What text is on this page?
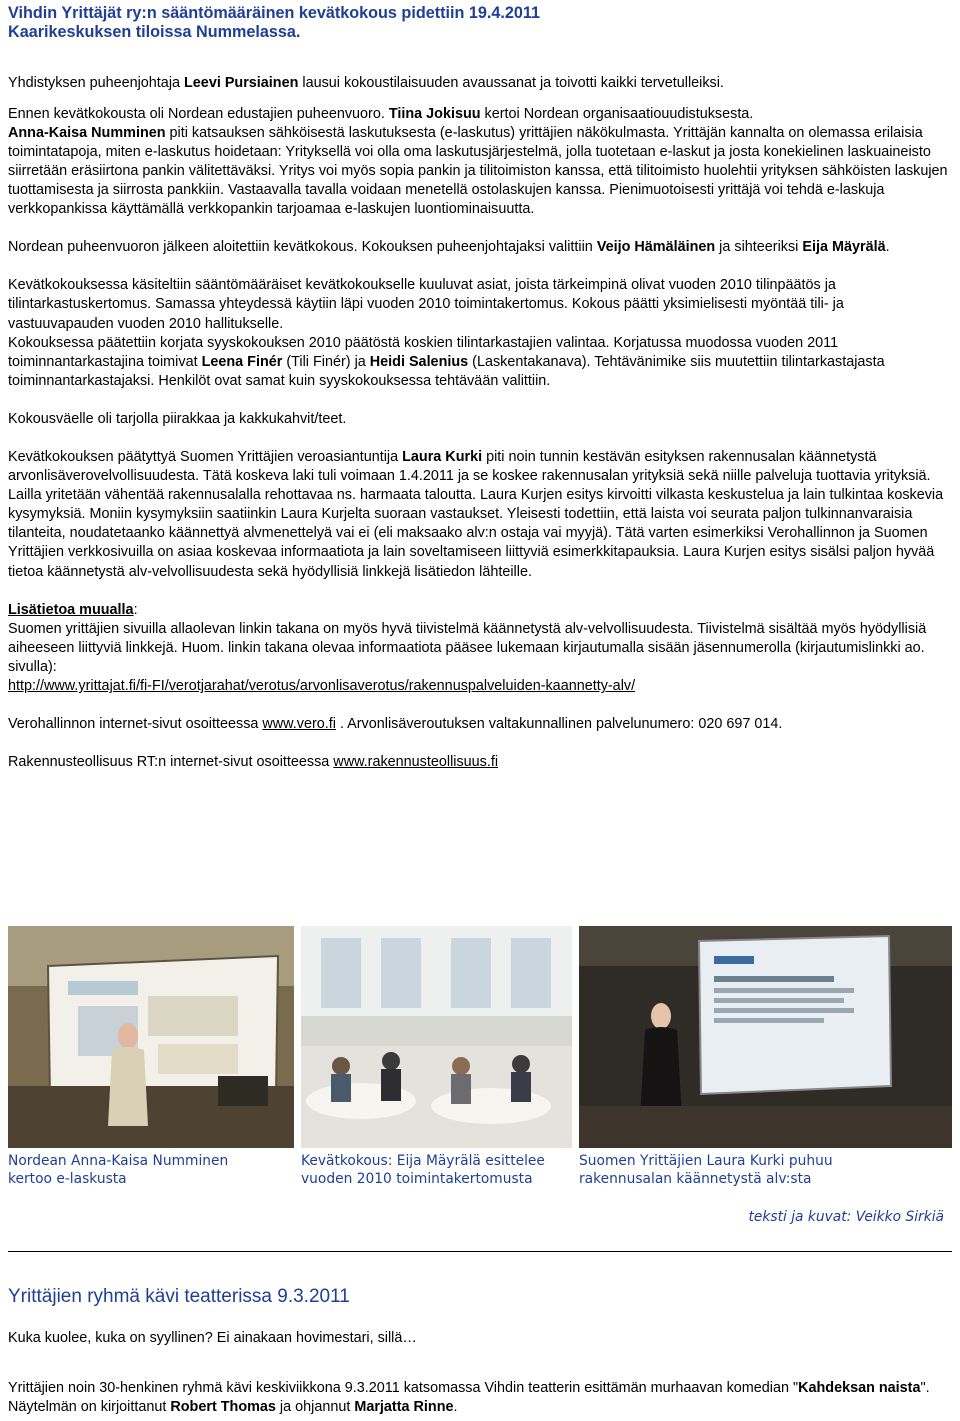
Vihdin Yrittäjät ry:n sääntömääräinen kevätkokous pidettiin 19.4.2011
Kaarikeskuksen tiloissa Nummelassa.

Yhdistyksen puheenjohtaja Leevi Pursiainen lausui kokoustilaisuuden avaussanat ja toivotti kaikki tervetulleiksi.

Ennen kevätkokousta oli Nordean edustajien puheenvuoro. Tiina Jokisuu kertoi Nordean organisaatiouudistuksesta.
Anna-Kaisa Numminen piti katsauksen sähköisestä laskutuksesta (e-laskutus) yrittäjien näkökulmasta. Yrittäjän kannalta on olemassa erilaisia toimintatapoja, miten e-laskutus hoidetaan: Yrityksellä voi olla oma laskutusjärjestelmä, jolla tuotetaan e-laskut ja josta konekielinen laskuaineisto siirretään eräsiirtona pankin välitettäväksi. Yritys voi myös sopia pankin ja tilitoimiston kanssa, että tilitoimisto huolehtii yrityksen sähköisten laskujen tuottamisesta ja siirrosta pankkiin. Vastaavalla tavalla voidaan menetellä ostolaskujen kanssa. Pienimuotoisesti yrittäjä voi tehdä e-laskuja verkkopankissa käyttämällä verkkopankin tarjoamaa e-laskujen luontiominaisuutta.

Nordean puheenvuoron jälkeen aloitettiin kevätkokous. Kokouksen puheenjohtajaksi valittiin Veijo Hämäläinen ja sihteeriksi Eija Mäyrälä.

Kevätkokouksessa käsiteltiin sääntömääräiset kevätkokoukselle kuuluvat asiat, joista tärkeimpinä olivat vuoden 2010 tilinpäätös ja tilintarkastuskertomus. Samassa yhteydessä käytiin läpi vuoden 2010 toimintakertomus. Kokous päätti yksimielisesti myöntää tili- ja vastuuvapauden vuoden 2010 hallitukselle.
Kokouksessa päätettiin korjata syyskokouksen 2010 päätöstä koskien tilintarkastajien valintaa. Korjatussa muodossa vuoden 2011 toiminnantarkastajina toimivat Leena Finér (Tili Finér) ja Heidi Salenius (Laskentakanava). Tehtävänimike siis muutettiin tilintarkastajasta toiminnantarkastajaksi. Henkilöt ovat samat kuin syyskokouksessa tehtävään valittiin.

Kokousväelle oli tarjolla piirakkaa ja kakkukahvit/teet.

Kevätkokouksen päätyttyä Suomen Yrittäjien veroasiantuntija Laura Kurki piti noin tunnin kestävän esityksen rakennusalan käännetystä arvonlisäverovelvollisuudesta. Tätä koskeva laki tuli voimaan 1.4.2011 ja se koskee rakennusalan yrityksiä sekä niille palveluja tuottavia yrityksiä. Lailla yritetään vähentää rakennusalalla rehottavaa ns. harmaata taloutta. Laura Kurjen esitys kirvoitti vilkasta keskustelua ja lain tulkintaa koskevia kysymyksiä. Moniin kysymyksiin saatiinkin Laura Kurjelta suoraan vastaukset. Yleisesti todettiin, että laista voi seurata paljon tulkinnanvaraisia tilanteita, noudatetaanko käännettyä alvmenettelyä vai ei (eli maksaako alv:n ostaja vai myyjä). Tätä varten esimerkiksi Verohallinnon ja Suomen Yrittäjien verkkosivuilla on asiaa koskevaa informaatiota ja lain soveltamiseen liittyviä esimerkkitapauksia. Laura Kurjen esitys sisälsi paljon hyvää tietoa käännetystä alv-velvollisuudesta sekä hyödyllisiä linkkejä lisätiedon lähteille.

Lisätietoa muualla:
Suomen yrittäjien sivuilla allaolevan linkin takana on myös hyvä tiivistelmä käännetystä alv-velvollisuudesta. Tiivistelmä sisältää myös hyödyllisiä aiheeseen liittyviä linkkejä. Huom. linkin takana olevaa informaatiota pääsee lukemaan kirjautumalla sisään jäsennumerolla (kirjautumislinkki ao. sivulla):
http://www.yrittajat.fi/fi-FI/verotjarahat/verotus/arvonlisaverotus/rakennuspalveluiden-kaannetty-alv/

Verohallinnon internet-sivut osoitteessa www.vero.fi . Arvonlisäveroutuksen valtakunnallinen palvelunumero: 020 697 014.

Rakennusteollisuus RT:n internet-sivut osoitteessa www.rakennusteollisuus.fi

Nordean Anna-Kaisa Numminen
kertoo e-laskusta
Kevätkokous: Eija Mäyrälä esittelee
vuoden 2010 toimintakertomusta
Suomen Yrittäjien Laura Kurki puhuu
rakennusalan käännetystä alv:sta
teksti ja kuvat: Veikko Sirkiä

Yrittäjien ryhmä kävi teatterissa 9.3.2011

Kuka kuolee, kuka on syyllinen? Ei ainakaan hovimestari, sillä…

Yrittäjien noin 30-henkinen ryhmä kävi keskiviikkona 9.3.2011 katsomassa Vihdin teatterin esittämän murhaavan komedian "Kahdeksan naista". Näytelmän on kirjoittanut Robert Thomas ja ohjannut Marjatta Rinne.
